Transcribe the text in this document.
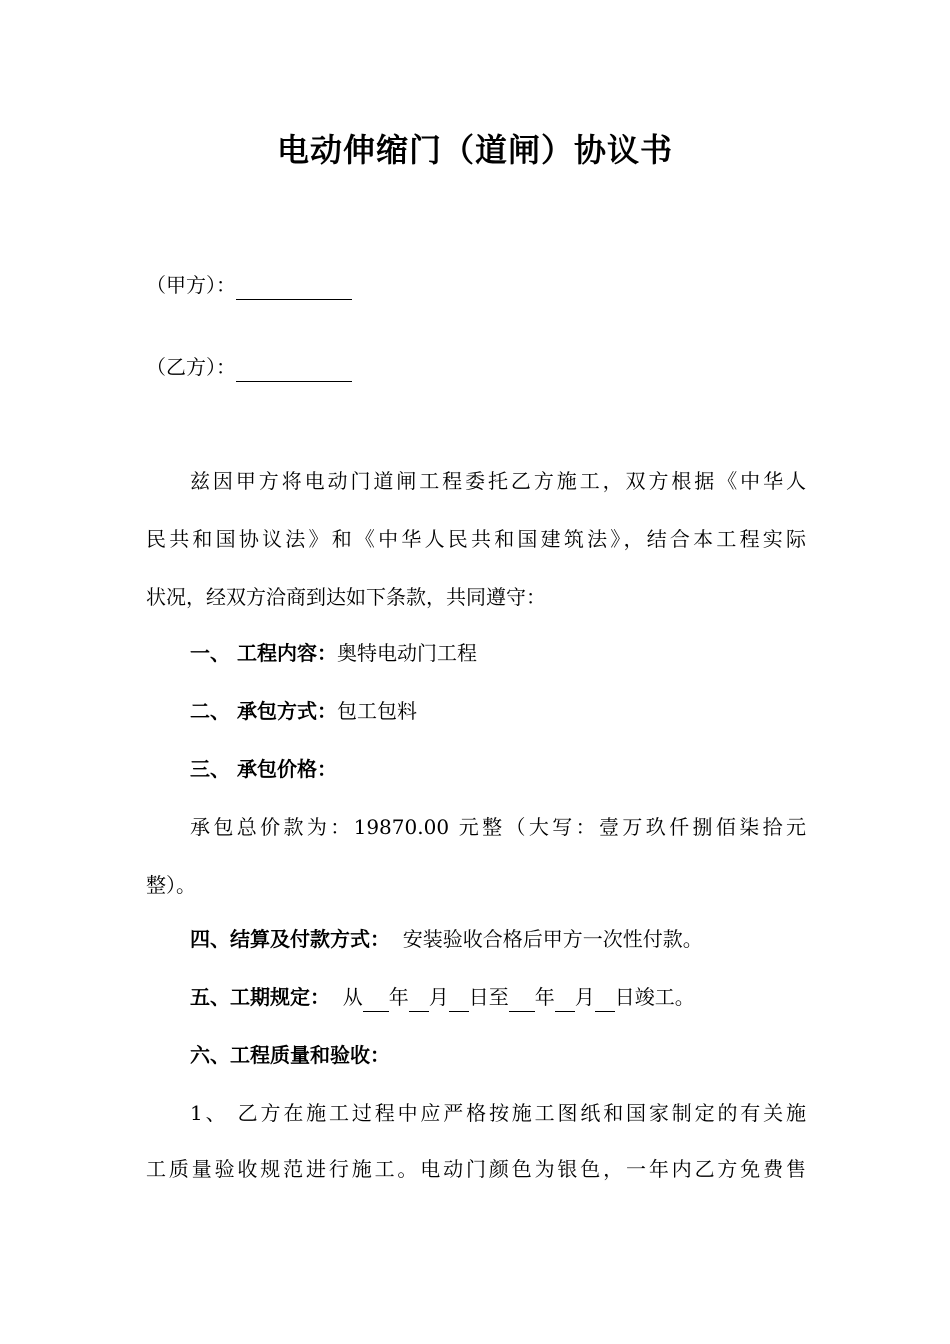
电动伸缩门（道闸）协议书
（甲方）：
（乙方）：
兹因甲方将电动门道闸工程委托乙方施工，双方根据《中华人
民共和国协议法》和《中华人民共和国建筑法》，结合本工程实际
状况，经双方洽商到达如下条款，共同遵守：
一、 工程内容：奥特电动门工程
二、 承包方式：包工包料
三、 承包价格：
承包总价款为：19870.00 元整（大写：壹万玖仟捌佰柒拾元
整）。
四、结算及付款方式： 安装验收合格后甲方一次性付款。
五、工期规定： 从 年 月 日至 年 月 日竣工。
六、工程质量和验收：
1、 乙方在施工过程中应严格按施工图纸和国家制定的有关施
工质量验收规范进行施工。电动门颜色为银色，一年内乙方免费售
